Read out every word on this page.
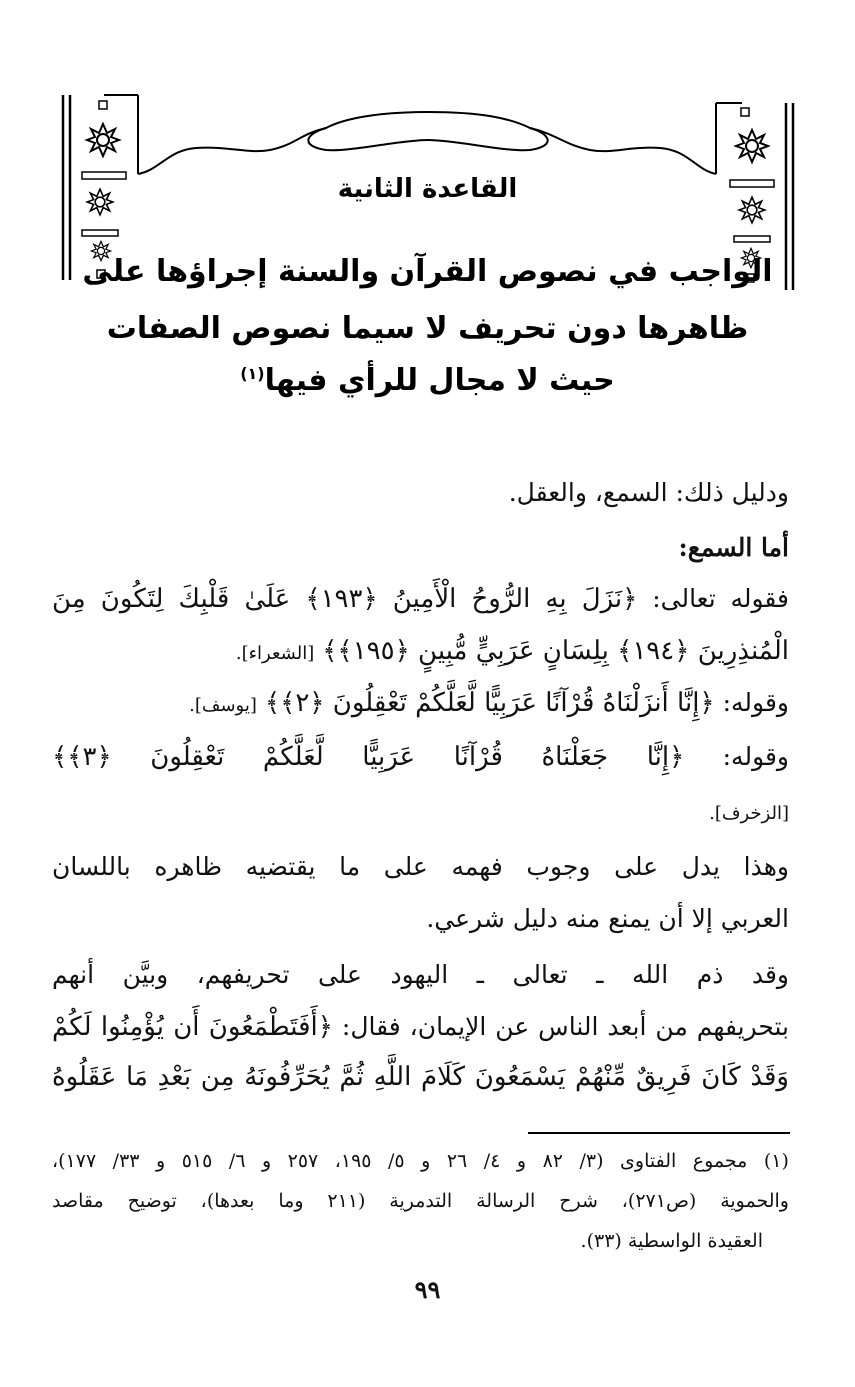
القاعدة الثانية
الواجب في نصوص القرآن والسنة إجراؤها على
ظاهرها دون تحريف لا سيما نصوص الصفات
حيث لا مجال للرأي فيها$^{(١)}$
ودليل ذلك: السمع، والعقل.
أما السمع:
فقوله تعالى: ﴿نَزَلَ بِهِ الرُّوحُ الْأَمِينُ ﴿١٩٣﴾ عَلَىٰ قَلْبِكَ لِتَكُونَ مِنَ
الْمُنذِرِينَ ﴿١٩٤﴾ بِلِسَانٍ عَرَبِيٍّ مُّبِينٍ ﴿١٩٥﴾﴾ [الشعراء].
وقوله: ﴿إِنَّا أَنزَلْنَاهُ قُرْآنًا عَرَبِيًّا لَّعَلَّكُمْ تَعْقِلُونَ ﴿٢﴾﴾ [يوسف].
وقوله: ﴿إِنَّا جَعَلْنَاهُ قُرْآنًا عَرَبِيًّا لَّعَلَّكُمْ تَعْقِلُونَ ﴿٣﴾﴾
[الزخرف].
وهذا يدل على وجوب فهمه على ما يقتضيه ظاهره باللسان
العربي إلا أن يمنع منه دليل شرعي.
وقد ذم الله ـ تعالى ـ اليهود على تحريفهم، وبيَّن أنهم
بتحريفهم من أبعد الناس عن الإيمان، فقال: ﴿أَفَتَطْمَعُونَ أَن يُؤْمِنُوا لَكُمْ
وَقَدْ كَانَ فَرِيقٌ مِّنْهُمْ يَسْمَعُونَ كَلَامَ اللَّهِ ثُمَّ يُحَرِّفُونَهُ مِن بَعْدِ مَا عَقَلُوهُ
(١) مجموع الفتاوى (٣/ ٨٢ و ٤/ ٢٦ و ٥/ ١٩٥، ٢٥٧ و ٦/ ٥١٥ و ٣٣/ ١٧٧)،
والحموية (ص٢٧١)، شرح الرسالة التدمرية (٢١١ وما بعدها)، توضيح مقاصد
العقيدة الواسطية (٣٣).
٩٩
